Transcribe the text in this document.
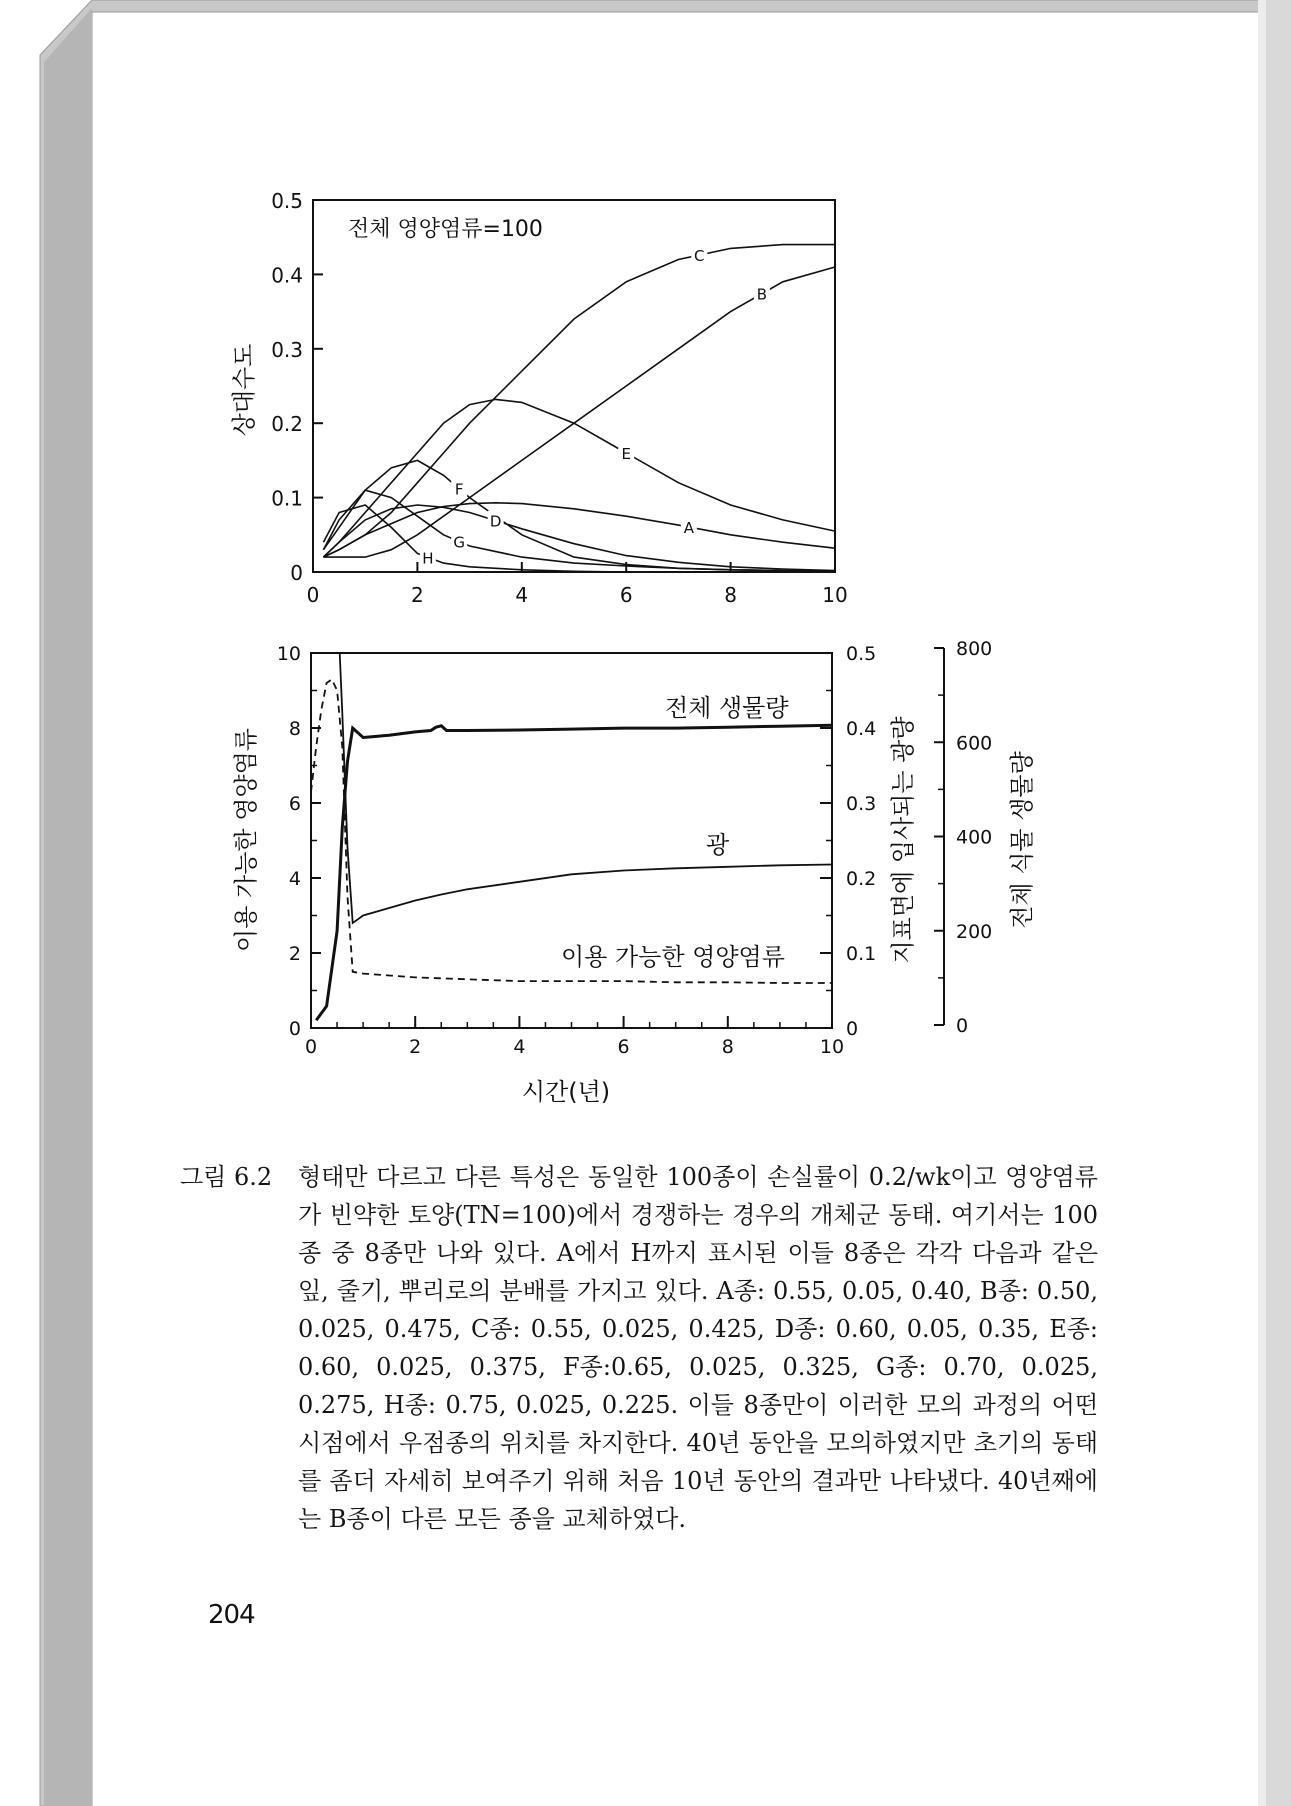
0
0.1
0.2
0.3
0.4
0.5
0	2	4	6	8	10
전체 영양염류=100
상대수도
A
B
C
D
E
F
G
H
0
2
4
6
8
10
0
0.1
0.2
0.3
0.4
0.5
0
200
400
600
800
0	2	4	6	8	10
전체 생물량
광
이용 가능한 영양염류
이용 가능한 영양염류	지표면에 입사되는 광량	전체 식물 생물량
시간(년)
그림 6.2 형태만 다르고 다른 특성은 동일한 100종이 손실률이 0.2/wk이고 영양염류가 빈약한 토양(TN=100)에서 경쟁하는 경우의 개체군 동태. 여기서는 100종 중 8종만 나와 있다. A에서 H까지 표시된 이들 8종은 각각 다음과 같은 잎, 줄기, 뿌리로의 분배를 가지고 있다. A종: 0.55, 0.05, 0.40, B종: 0.50, 0.025, 0.475, C종: 0.55, 0.025, 0.425, D종: 0.60, 0.05, 0.35, E종: 0.60, 0.025, 0.375, F종:0.65, 0.025, 0.325, G종: 0.70, 0.025, 0.275, H종: 0.75, 0.025, 0.225. 이들 8종만이 이러한 모의 과정의 어떤 시점에서 우점종의 위치를 차지한다. 40년 동안을 모의하였지만 초기의 동태를 좀더 자세히 보여주기 위해 처음 10년 동안의 결과만 나타냈다. 40년째에는 B종이 다른 모든 종을 교체하였다.
204
